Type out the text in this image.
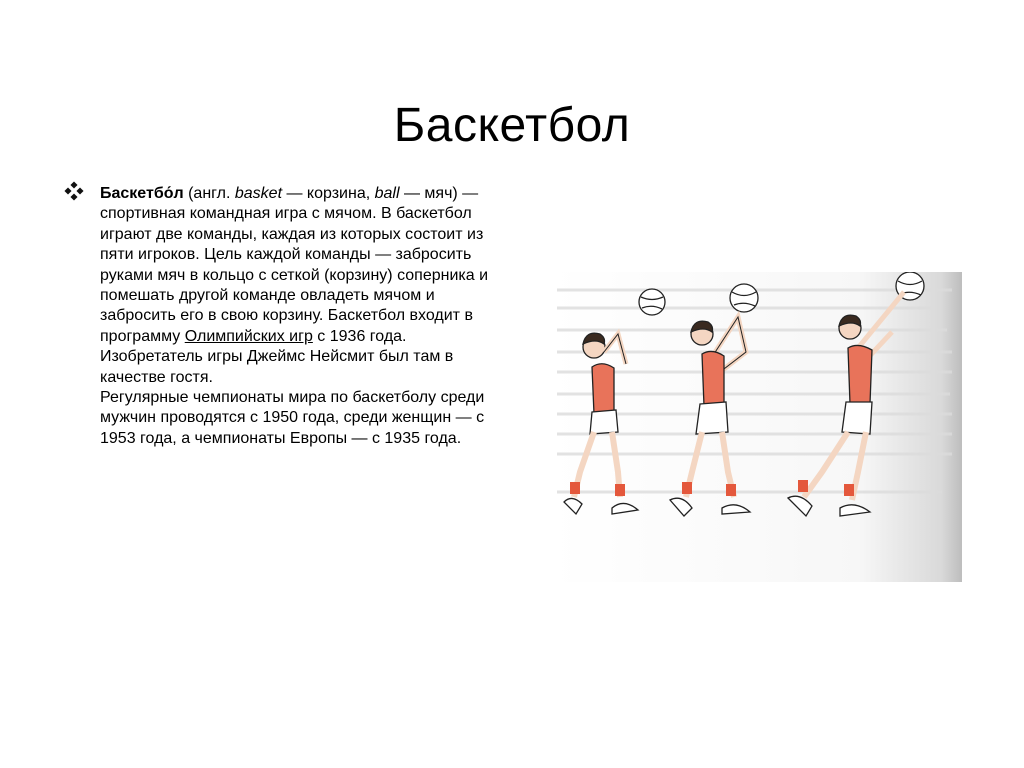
Баскетбол

Баскетбо́л (англ. basket — корзина, ball — мяч) — спортивная командная игра с мячом. В баскетбол играют две команды, каждая из которых состоит из пяти игроков. Цель каждой команды — забросить руками мяч в кольцо с сеткой (корзину) соперника и помешать другой команде овладеть мячом и забросить его в свою корзину. Баскетбол входит в программу Олимпийских игр с 1936 года. Изобретатель игры Джеймс Нейсмит был там в качестве гостя.

Регулярные чемпионаты мира по баскетболу среди мужчин проводятся с 1950 года, среди женщин — с 1953 года, а чемпионаты Европы — с 1935 года.
